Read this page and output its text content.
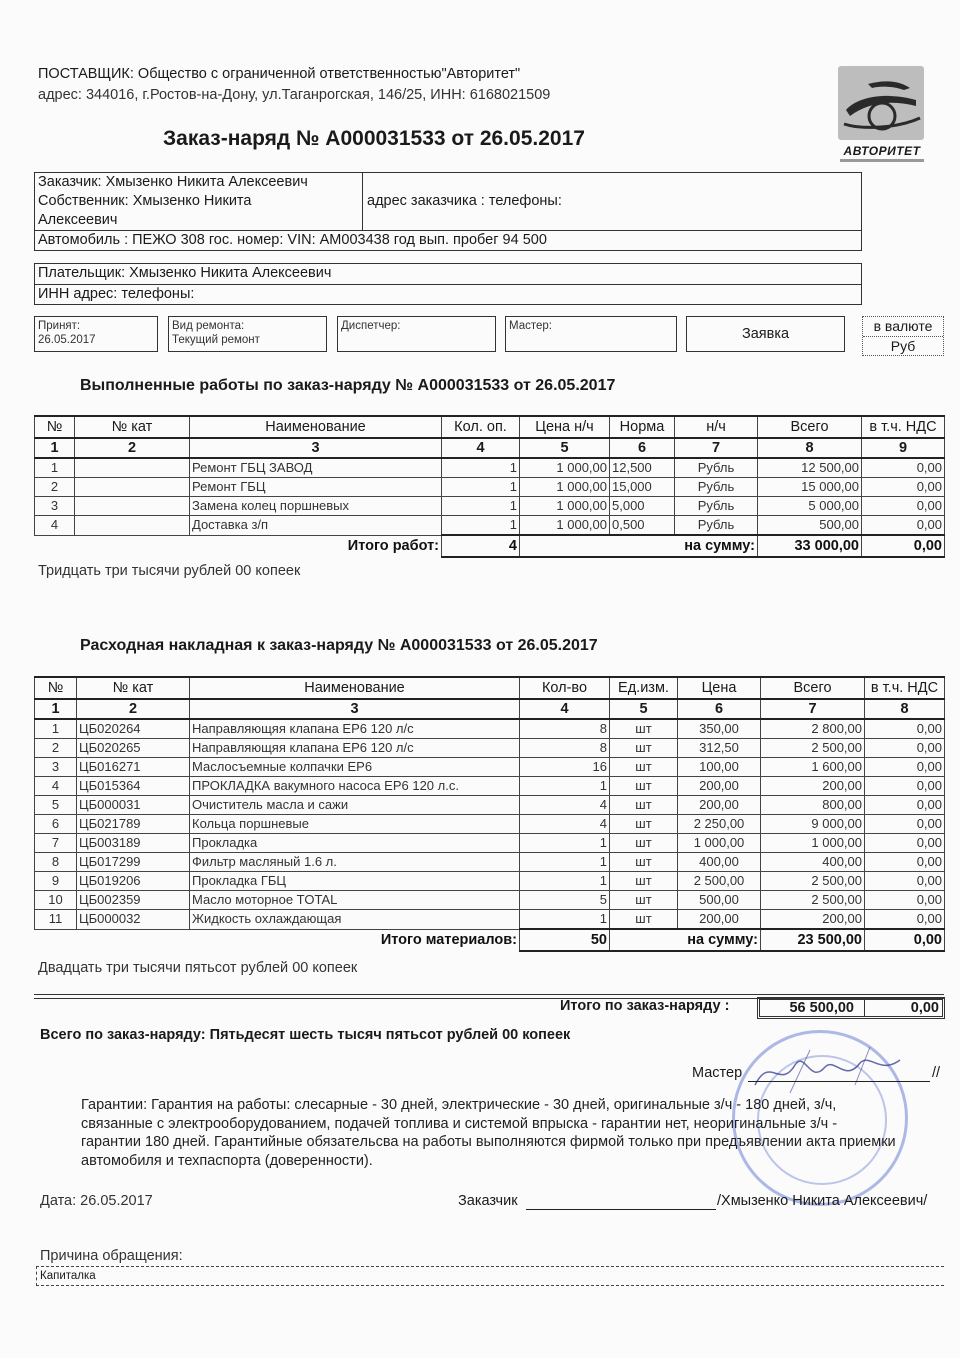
ПОСТАВЩИК: Общество с ограниченной ответственностью"Авторитет"
адрес: 344016, г.Ростов-на-Дону, ул.Таганрогская, 146/25, ИНН: 6168021509
Заказ-наряд № А000031533 от 26.05.2017
АВТОРИТЕТ
Заказчик: Хмызенко Никита Алексеевич
Собственник: Хмызенко Никита
Алексеевич
адрес заказчика : телефоны:
Автомобиль : ПЕЖО 308 гос. номер: VIN: АМ003438 год вып. пробег 94 500
Плательщик: Хмызенко Никита Алексеевич
ИНН адрес: телефоны:
Принят:
26.05.2017
Вид ремонта:
Текущий ремонт
Диспетчер:	Мастер:	Заявка	в валюте
Руб
Выполненные работы по заказ-наряду № А000031533 от 26.05.2017
№	№ кат	Наименование	Кол. оп.	Цена н/ч	Норма	н/ч	Всего	в т.ч. НДС
1	2	3	4	5	6	7	8	9
1		Ремонт ГБЦ ЗАВОД	1	1 000,00	12,500	Рубль	12 500,00	0,00
2		Ремонт ГБЦ	1	1 000,00	15,000	Рубль	15 000,00	0,00
3		Замена колец поршневых	1	1 000,00	5,000	Рубль	5 000,00	0,00
4		Доставка з/п	1	1 000,00	0,500	Рубль	500,00	0,00
Итого работ:			4	на сумму:			33 000,00	0,00
Тридцать три тысячи рублей 00 копеек
Расходная накладная к заказ-наряду № А000031533 от 26.05.2017
№	№ кат	Наименование	Кол-во	Ед.изм.	Цена	Всего	в т.ч. НДС
1	2	3	4	5	6	7	8
1	ЦБ020264	Направляющяя клапана EP6 120 л/с	8	шт	350,00	2 800,00	0,00
2	ЦБ020265	Направляющяя клапана EP6 120 л/с	8	шт	312,50	2 500,00	0,00
3	ЦБ016271	Маслосъемные колпачки EP6	16	шт	100,00	1 600,00	0,00
4	ЦБ015364	ПРОКЛАДКА вакумного насоса EP6 120 л.с.	1	шт	200,00	200,00	0,00
5	ЦБ000031	Очиститель масла и сажи	4	шт	200,00	800,00	0,00
6	ЦБ021789	Кольца поршневые	4	шт	2 250,00	9 000,00	0,00
7	ЦБ003189	Прокладка	1	шт	1 000,00	1 000,00	0,00
8	ЦБ017299	Фильтр масляный 1.6 л.	1	шт	400,00	400,00	0,00
9	ЦБ019206	Прокладка ГБЦ	1	шт	2 500,00	2 500,00	0,00
10	ЦБ002359	Масло моторное TOTAL	5	шт	500,00	2 500,00	0,00
11	ЦБ000032	Жидкость охлаждающая	1	шт	200,00	200,00	0,00
Итого материалов:			50	на сумму:		23 500,00	0,00
Двадцать три тысячи пятьсот рублей 00 копеек
Итого по заказ-наряду :	56 500,00	0,00
Всего по заказ-наряду: Пятьдесят шесть тысяч пятьсот рублей 00 копеек
Мастер	//
Гарантии: Гарантия на работы: слесарные - 30 дней, электрические - 30 дней, оригинальные з/ч - 180 дней, з/ч, связанные с электрооборудованием, подачей топлива и системой впрыска - гарантии нет, неоригинальные з/ч - гарантии 180 дней. Гарантийные обязатeльсва на работы выполняются фирмой только при предъявлении акта приемки автомобиля и техпаспорта (доверенности).
Дата: 26.05.2017	Заказчик	/Хмызенко Никита Алексеевич/
Причина обращения:
Капиталка
